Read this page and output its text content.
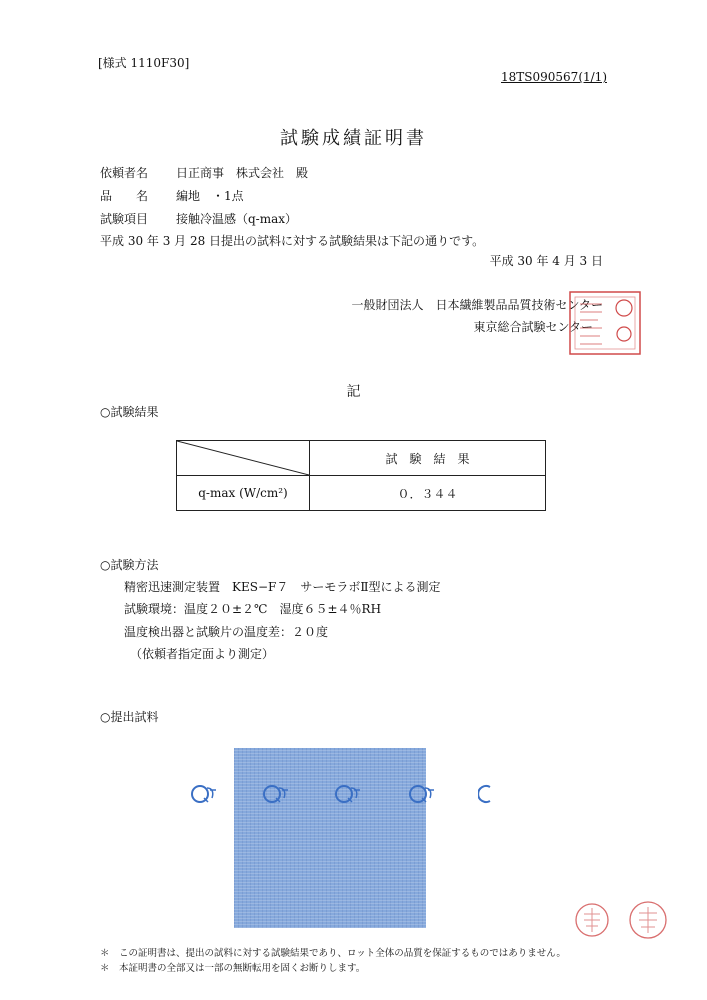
[様式 1110F30]
18TS090567(1/1)
試験成績証明書
依頼者名 日正商事　株式会社　殿
品　　名 編地　・1点
試験項目 接触冷温感（q-max）
平成 30 年 3 月 28 日提出の試料に対する試験結果は下記の通りです。
平成 30 年 4 月 3 日
一般財団法人　日本繊維製品品質技術センター
東京総合試験センター
記
○試験結果
	試　験　結　果
q-max (W/cm²)	０．３４４
○試験方法
精密迅速測定装置　KES−F７　サーモラボⅡ型による測定
試験環境：温度２０±２℃　湿度６５±４％RH
温度検出器と試験片の温度差：２０度
（依頼者指定面より測定）
○提出試料
＊　この証明書は、提出の試料に対する試験結果であり、ロット全体の品質を保証するものではありません。
＊　本証明書の全部又は一部の無断転用を固くお断りします。
